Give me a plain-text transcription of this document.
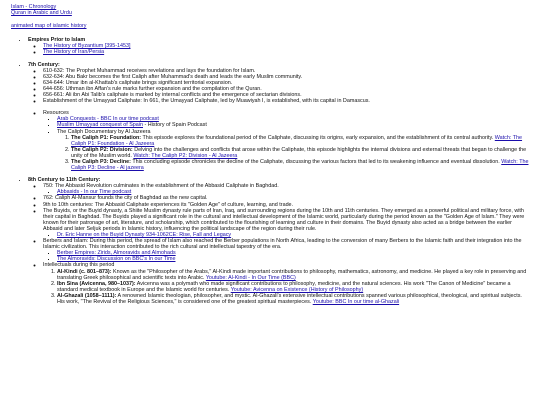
Islam - Chronology
Quran in Arabic and Urdu
animated map of islamic history
• Empires Prior to Islam
◦ The History of Byzantium [395-1453]
◦ The History of Iran/Persia
• 7th Century:
◦ 610-632: The Prophet Muhammad receives revelations and lays the foundation for Islam.
◦ 632-634: Abu Bakr becomes the first Caliph after Muhammad's death and leads the early Muslim community.
◦ 634-644: Umar ibn al-Khattab's caliphate brings significant territorial expansion.
◦ 644-656: Uthman ibn Affan's rule marks further expansion and the compilation of the Quran.
◦ 656-661: Ali ibn Abi Talib's caliphate is marked by internal conflicts and the emergence of sectarian divisions.
◦ Establishment of the Umayyad Caliphate: In 661, the Umayyad Caliphate, led by Muawiyah I, is established, with its capital in Damascus.
◦ Resources
▪ Arab Conquests - BBC In our time podcast
▪ Muslim Umayyad conquest of Spain - History of Spain Podcast
▪ The Caliph Documentary by Al Jazeera
1. The Caliph P1: Foundation: This episode explores the foundational period of the Caliphate, discussing its origins, early expansion, and the establishment of its central authority. Watch: The Caliph P1: Foundation - Al Jazeera
2. The Caliph P2: Division: Delving into the challenges and conflicts that arose within the Caliphate, this episode highlights the internal divisions and external threats that began to challenge the unity of the Muslim world. Watch: The Caliph P2: Division - Al Jazeera
3. The Caliph P3: Decline: This concluding episode chronicles the decline of the Caliphate, discussing the various factors that led to its weakening influence and eventual dissolution. Watch: The Caliph P3: Decline - Al jazeera
• 8th Century to 11th Century:
◦ 750: The Abbasid Revolution culminates in the establishment of the Abbasid Caliphate in Baghdad.
▪ Abbasids - In our Time podcast
◦ 762: Caliph Al-Mansur founds the city of Baghdad as the new capital.
◦ 9th to 10th centuries: The Abbasid Caliphate experiences its "Golden Age" of culture, learning, and trade.
◦ The Buyids, or the Buyid dynasty, a Shiite Muslim dynasty rule parts of Iran, Iraq, and surrounding regions during the 10th and 11th centuries. They emerged as a powerful political and military force, with their capital in Baghdad. The Buyids played a significant role in the cultural and intellectual development of the Islamic world, particularly during the period known as the "Golden Age of Islam." They were known for their patronage of art, literature, and scholarship, which contributed to the flourishing of learning and culture in their domains. The Buyid dynasty also acted as a bridge between the earlier Abbasid and later Seljuk periods in Islamic history, influencing the political landscape of the region during their rule.
▪ Dr. Eric Hanne on the Buyid Dynasty 934-1062CE: Rise, Fall and Legacy
◦ Berbers and Islam: During this period, the spread of Islam also reached the Berber populations in North Africa, leading to the conversion of many Berbers to the Islamic faith and their integration into the Islamic civilization. This interaction contributed to the rich cultural and intellectual tapestry of the era.
▪ Berber Empires: Zirids, Almoravids and Almohads
▪ The Almoravids: Discussion on BBC's In our Time
◦ Intellectuals during this period
1. Al-Kindi (c. 801–873): Known as the "Philosopher of the Arabs," Al-Kindi made important contributions to philosophy, mathematics, astronomy, and medicine. He played a key role in preserving and translating Greek philosophical and scientific texts into Arabic. Youtube: Al-Kindi - In Our Time (BBC)
2. Ibn Sina (Avicenna, 980–1037): Avicenna was a polymath who made significant contributions to philosophy, medicine, and the natural sciences. His work "The Canon of Medicine" became a standard medical textbook in Europe and the Islamic world for centuries. Youtube: Avicenna on Existence (History of Philosophy)
3. Al-Ghazali (1058–1111): A renowned Islamic theologian, philosopher, and mystic. Al-Ghazali's extensive intellectual contributions spanned various philosophical, theological, and spiritual subjects. His work, "The Revival of the Religious Sciences," is considered one of the greatest spiritual masterpieces. Youtube: BBC In our time al-Ghazali
